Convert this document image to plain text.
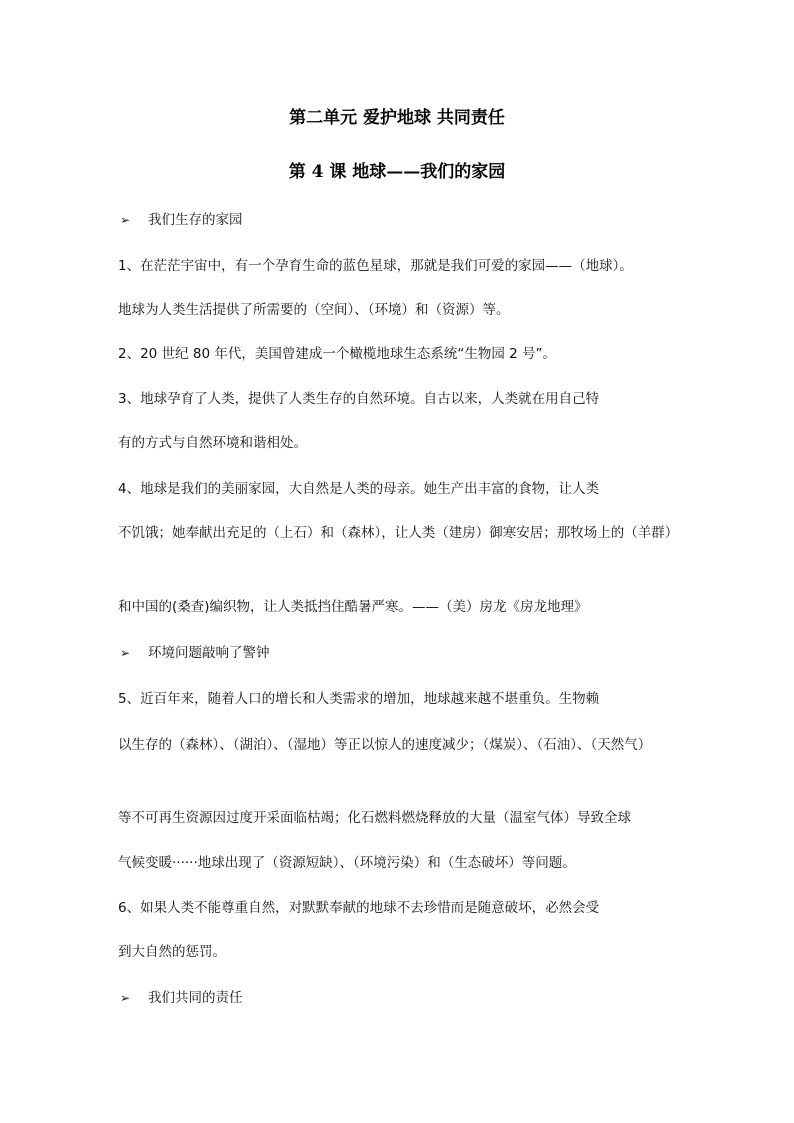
第二单元 爱护地球 共同责任
第 4 课 地球——我们的家园
➢ 我们生存的家园
1、在茫茫宇宙中，有一个孕育生命的蓝色星球，那就是我们可爱的家园——（地球）。
地球为人类生活提供了所需要的（空间）、（环境）和（资源）等。
2、20 世纪 80 年代，美国曾建成一个橄榄地球生态系统“生物园 2 号”。
3、地球孕育了人类，提供了人类生存的自然环境。自古以来，人类就在用自己特
有的方式与自然环境和谐相处。
4、地球是我们的美丽家园，大自然是人类的母亲。她生产出丰富的食物，让人类
不饥饿；她奉献出充足的（上石）和（森林），让人类（建房）御寒安居；那牧场上的（羊群）
和中国的(桑查)编织物，让人类抵挡住酷暑严寒。——（美）房龙《房龙地理》
➢ 环境问题敲响了警钟
5、近百年来，随着人口的增长和人类需求的增加，地球越来越不堪重负。生物赖
以生存的（森林）、（湖泊）、（湿地）等正以惊人的速度减少；（煤炭）、（石油）、（天然气）
等不可再生资源因过度开采面临枯竭；化石燃料燃烧释放的大量（温室气体）导致全球
气候变暖······地球出现了（资源短缺）、（环境污染）和（生态破坏）等问题。
6、如果人类不能尊重自然，对默默奉献的地球不去珍惜而是随意破坏，必然会受
到大自然的惩罚。
➢ 我们共同的责任
